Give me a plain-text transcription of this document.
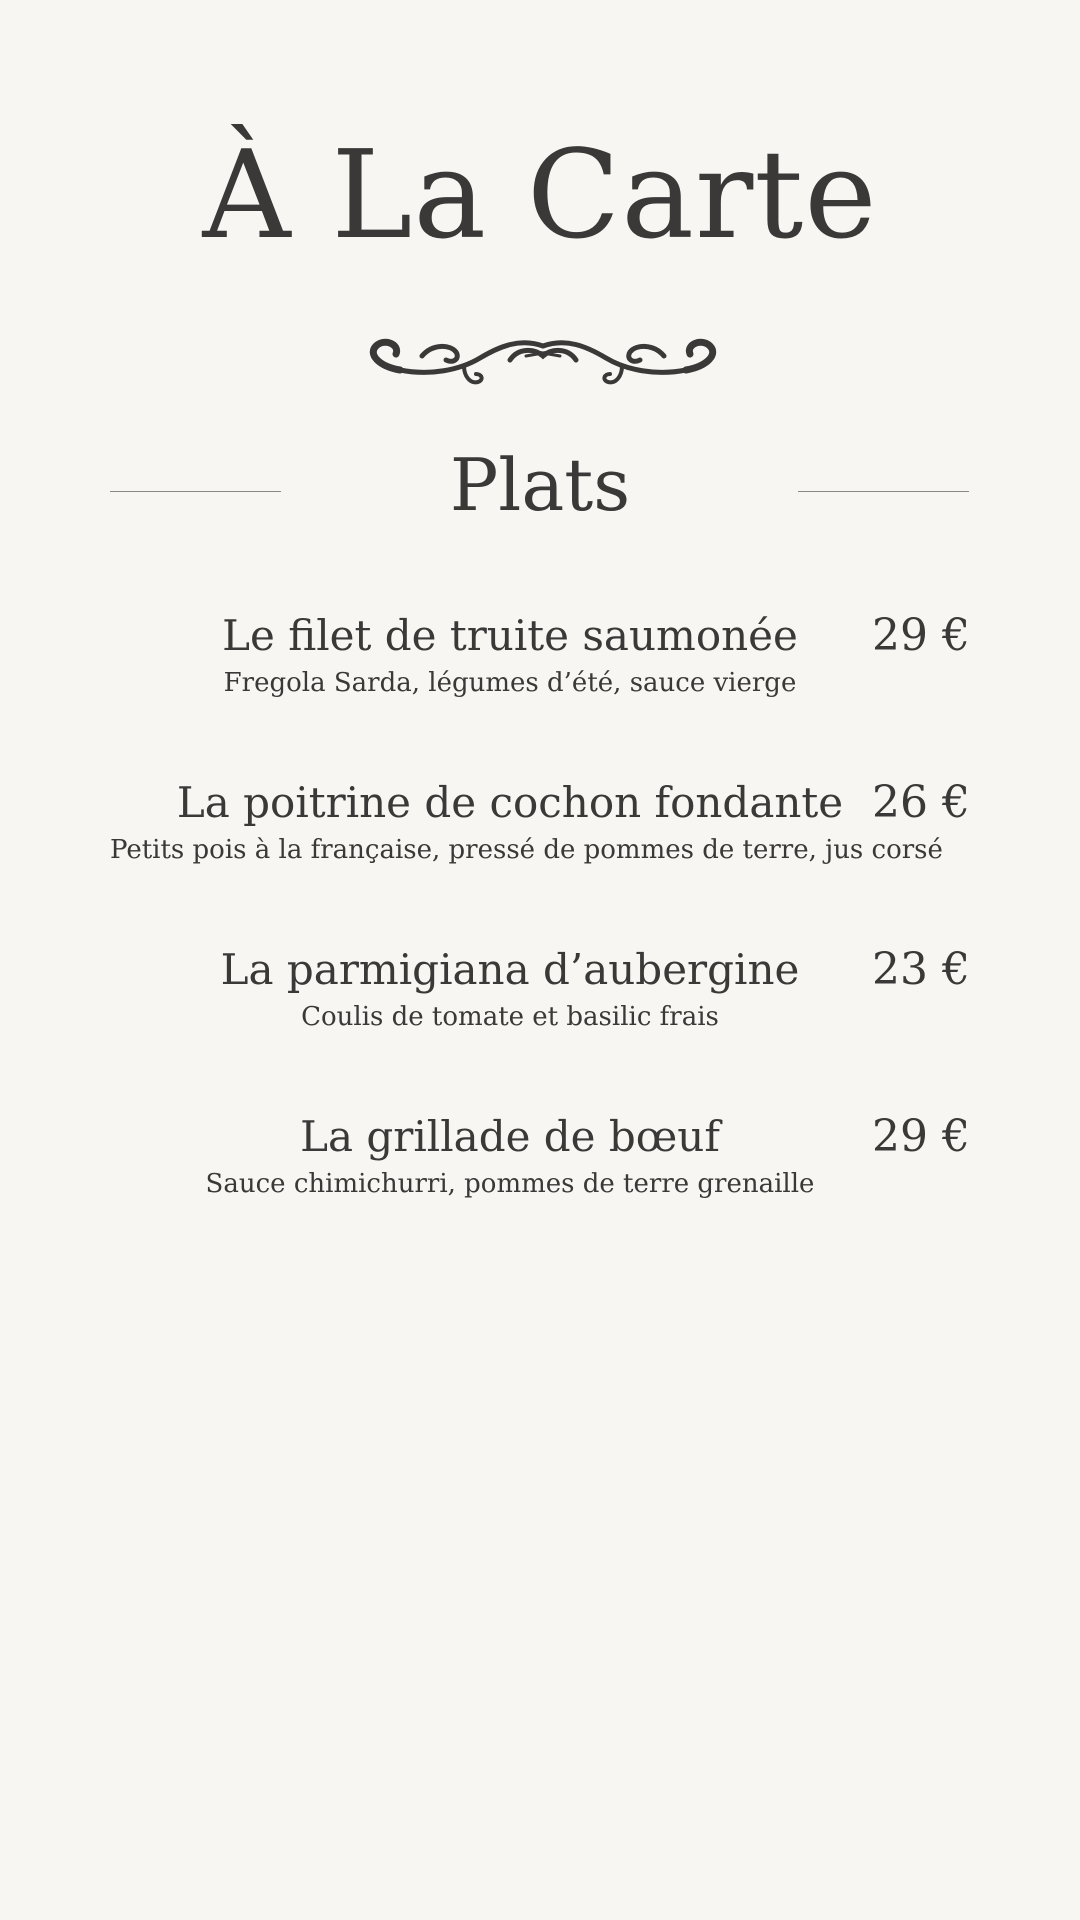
À La Carte
Plats
Le filet de truite saumonée
Fregola Sarda, légumes d’été, sauce vierge
29 €
La poitrine de cochon fondante
Petits pois à la française, pressé de pommes de terre, jus corsé
26 €
La parmigiana d’aubergine
Coulis de tomate et basilic frais
23 €
La grillade de bœuf
Sauce chimichurri, pommes de terre grenaille
29 €
